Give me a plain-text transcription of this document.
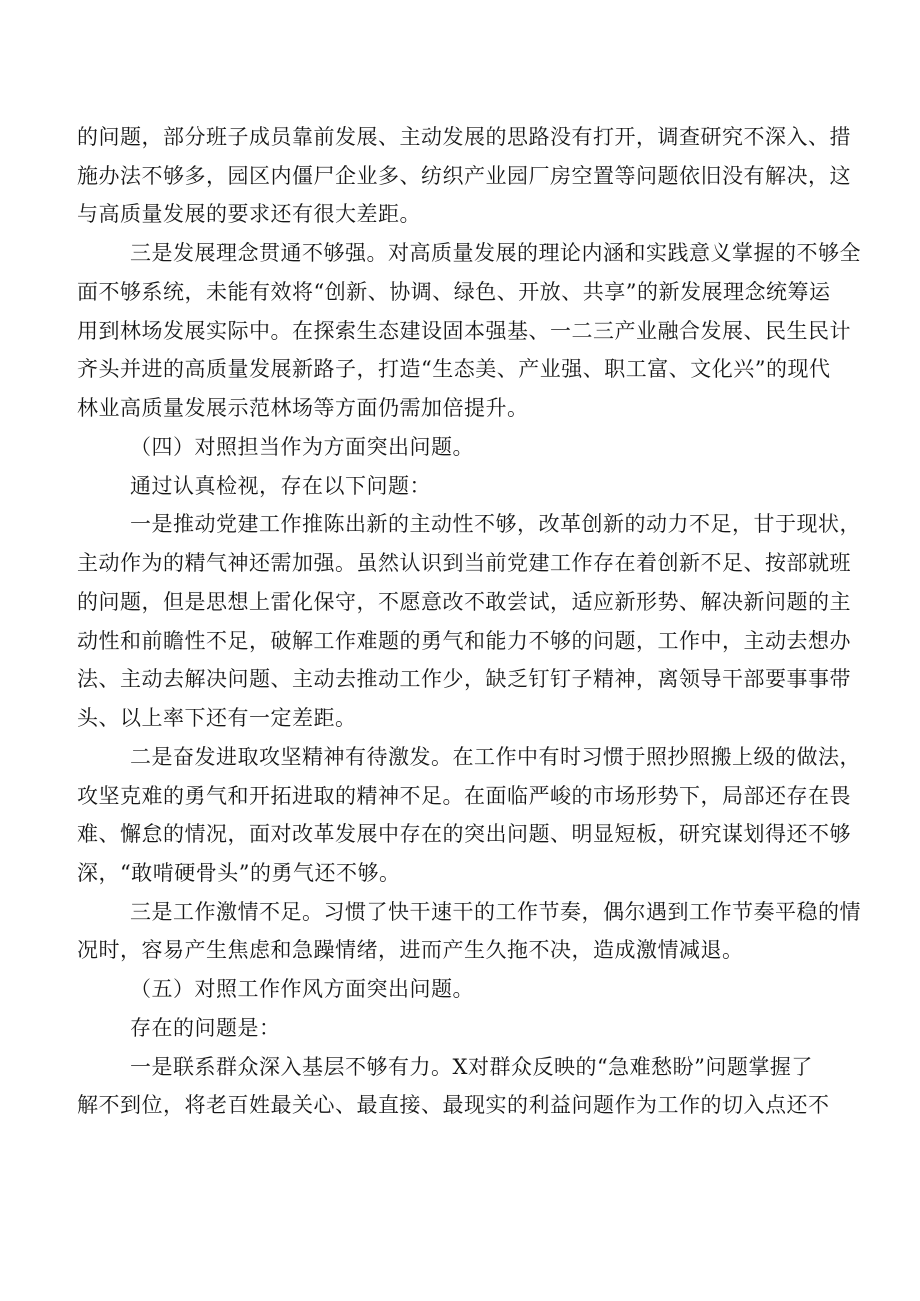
的问题，部分班子成员靠前发展、主动发展的思路没有打开，调查研究不深入、措
施办法不够多，园区内僵尸企业多、纺织产业园厂房空置等问题依旧没有解决，这
与高质量发展的要求还有很大差距。
三是发展理念贯通不够强。对高质量发展的理论内涵和实践意义掌握的不够全
面不够系统，未能有效将“创新、协调、绿色、开放、共享”的新发展理念统筹运
用到林场发展实际中。在探索生态建设固本强基、一二三产业融合发展、民生民计
齐头并进的高质量发展新路子，打造“生态美、产业强、职工富、文化兴”的现代
林业高质量发展示范林场等方面仍需加倍提升。
（四）对照担当作为方面突出问题。
通过认真检视，存在以下问题：
一是推动党建工作推陈出新的主动性不够，改革创新的动力不足，甘于现状，
主动作为的精气神还需加强。虽然认识到当前党建工作存在着创新不足、按部就班
的问题，但是思想上雷化保守，不愿意改不敢尝试，适应新形势、解决新问题的主
动性和前瞻性不足，破解工作难题的勇气和能力不够的问题，工作中，主动去想办
法、主动去解决问题、主动去推动工作少，缺乏钉钉子精神，离领导干部要事事带
头、以上率下还有一定差距。
二是奋发进取攻坚精神有待激发。在工作中有时习惯于照抄照搬上级的做法，
攻坚克难的勇气和开拓进取的精神不足。在面临严峻的市场形势下，局部还存在畏
难、懈怠的情况，面对改革发展中存在的突出问题、明显短板，研究谋划得还不够
深，“敢啃硬骨头”的勇气还不够。
三是工作激情不足。习惯了快干速干的工作节奏，偶尔遇到工作节奏平稳的情
况时，容易产生焦虑和急躁情绪，进而产生久拖不决，造成激情减退。
（五）对照工作作风方面突出问题。
存在的问题是：
一是联系群众深入基层不够有力。X对群众反映的“急难愁盼”问题掌握了
解不到位，将老百姓最关心、最直接、最现实的利益问题作为工作的切入点还不
